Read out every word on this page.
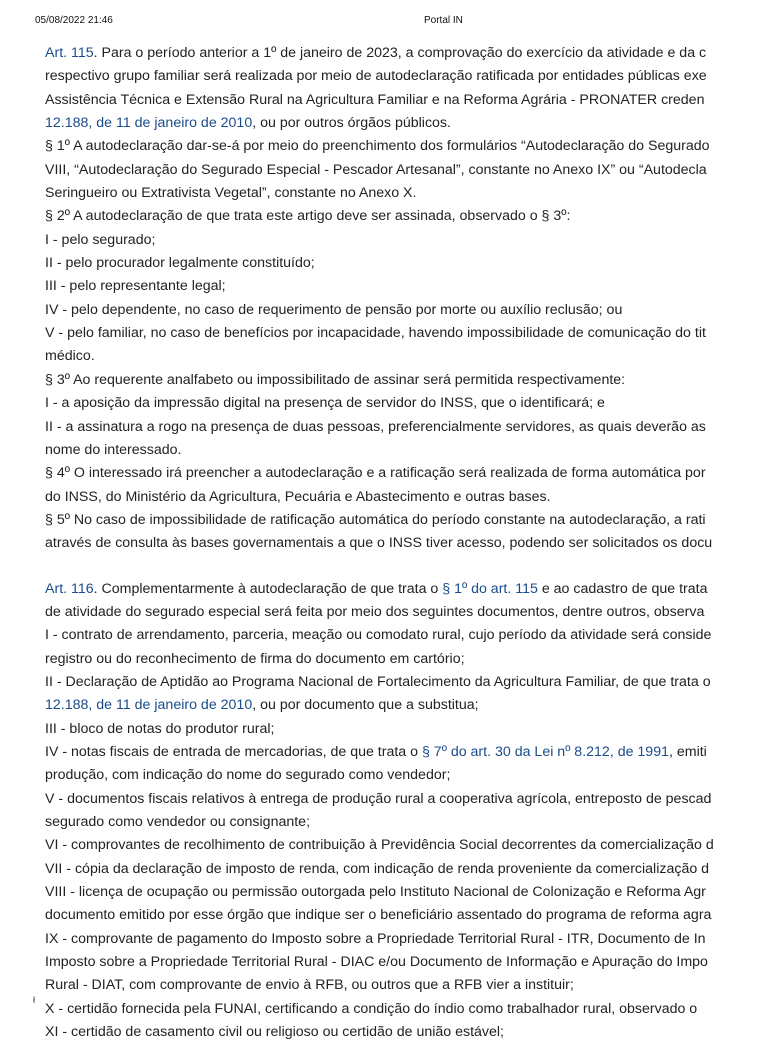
05/08/2022 21:46	Portal IN
Art. 115. Para o período anterior a 1º de janeiro de 2023, a comprovação do exercício da atividade e da c
respectivo grupo familiar será realizada por meio de autodeclaração ratificada por entidades públicas exe
Assistência Técnica e Extensão Rural na Agricultura Familiar e na Reforma Agrária - PRONATER creden
12.188, de 11 de janeiro de 2010, ou por outros órgãos públicos.
§ 1º A autodeclaração dar-se-á por meio do preenchimento dos formulários “Autodeclaração do Segurado
VIII, “Autodeclaração do Segurado Especial - Pescador Artesanal”, constante no Anexo IX” ou “Autodecla
Seringueiro ou Extrativista Vegetal”, constante no Anexo X.
§ 2º A autodeclaração de que trata este artigo deve ser assinada, observado o § 3º:
I - pelo segurado;
II - pelo procurador legalmente constituído;
III - pelo representante legal;
IV - pelo dependente, no caso de requerimento de pensão por morte ou auxílio reclusão; ou
V - pelo familiar, no caso de benefícios por incapacidade, havendo impossibilidade de comunicação do tit
médico.
§ 3º Ao requerente analfabeto ou impossibilitado de assinar será permitida respectivamente:
I - a aposição da impressão digital na presença de servidor do INSS, que o identificará; e
II - a assinatura a rogo na presença de duas pessoas, preferencialmente servidores, as quais deverão as
nome do interessado.
§ 4º O interessado irá preencher a autodeclaração e a ratificação será realizada de forma automática por
do INSS, do Ministério da Agricultura, Pecuária e Abastecimento e outras bases.
§ 5º No caso de impossibilidade de ratificação automática do período constante na autodeclaração, a rati
através de consulta às bases governamentais a que o INSS tiver acesso, podendo ser solicitados os docu
Art. 116. Complementarmente à autodeclaração de que trata o § 1º do art. 115 e ao cadastro de que trata
de atividade do segurado especial será feita por meio dos seguintes documentos, dentre outros, observa
I - contrato de arrendamento, parceria, meação ou comodato rural, cujo período da atividade será conside
registro ou do reconhecimento de firma do documento em cartório;
II - Declaração de Aptidão ao Programa Nacional de Fortalecimento da Agricultura Familiar, de que trata o
12.188, de 11 de janeiro de 2010, ou por documento que a substitua;
III - bloco de notas do produtor rural;
IV - notas fiscais de entrada de mercadorias, de que trata o § 7º do art. 30 da Lei nº 8.212, de 1991, emiti
produção, com indicação do nome do segurado como vendedor;
V - documentos fiscais relativos à entrega de produção rural a cooperativa agrícola, entreposto de pescad
segurado como vendedor ou consignante;
VI - comprovantes de recolhimento de contribuição à Previdência Social decorrentes da comercialização d
VII - cópia da declaração de imposto de renda, com indicação de renda proveniente da comercialização d
VIII - licença de ocupação ou permissão outorgada pelo Instituto Nacional de Colonização e Reforma Agr
documento emitido por esse órgão que indique ser o beneficiário assentado do programa de reforma agra
IX - comprovante de pagamento do Imposto sobre a Propriedade Territorial Rural - ITR, Documento de In
Imposto sobre a Propriedade Territorial Rural - DIAC e/ou Documento de Informação e Apuração do Impo
Rural - DIAT, com comprovante de envio à RFB, ou outros que a RFB vier a instituir;
X - certidão fornecida pela FUNAI, certificando a condição do índio como trabalhador rural, observado o
XI - certidão de casamento civil ou religioso ou certidão de união estável;
ł
